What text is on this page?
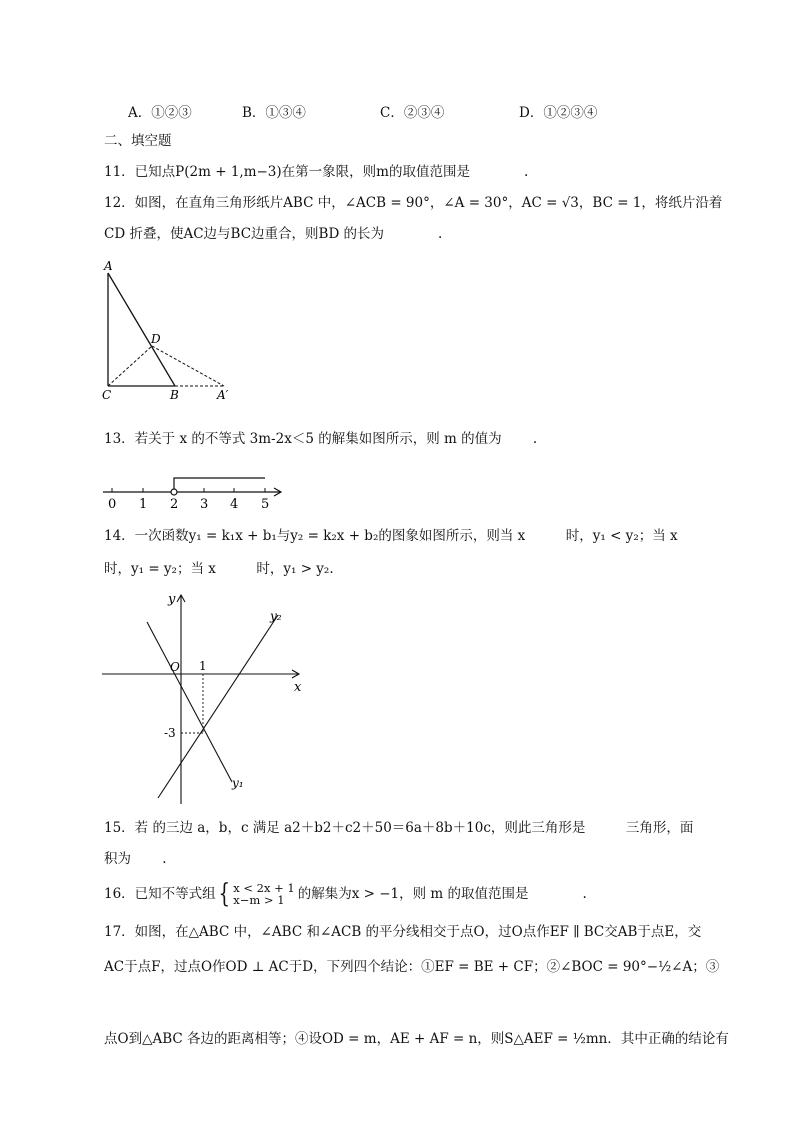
A．①②③	B．①③④	C．②③④	D．①②③④
二、填空题
11．已知点P(2m + 1,m−3)在第一象限，则m的取值范围是　　　　.
12．如图，在直角三角形纸片ABC 中，∠ACB = 90°，∠A = 30°，AC = √3，BC = 1，将纸片沿着
CD 折叠，使AC边与BC边重合，则BD 的长为　　　　.
A
D
C	B	A′
13．若关于 x 的不等式 3m-2x＜5 的解集如图所示，则 m 的值为　　 .
0 1 2 3 4 5
14．一次函数y₁ = k₁x + b₁与y₂ = k₂x + b₂的图象如图所示，则当 x　　　时，y₁ < y₂；当 x
时，y₁ = y₂；当 x　　　时，y₁ > y₂.
y
x
O 1
-3
y₁
y₂
15．若 的三边 a，b，c 满足 a2＋b2＋c2＋50＝6a＋8b＋10c，则此三角形是　　　三角形，面
积为　　 .
16．已知不等式组 { x < 2x + 1
x−m > 1 的解集为x > −1，则 m 的取值范围是　　　　.
17．如图，在△ABC 中，∠ABC 和∠ACB 的平分线相交于点O，过O点作EF ∥ BC交AB于点E，交
AC于点F，过点O作OD ⊥ AC于D，下列四个结论：①EF = BE + CF；②∠BOC = 90°−½∠A；③
点O到△ABC 各边的距离相等；④设OD = m，AE + AF = n，则S△AEF = ½mn．其中正确的结论有
